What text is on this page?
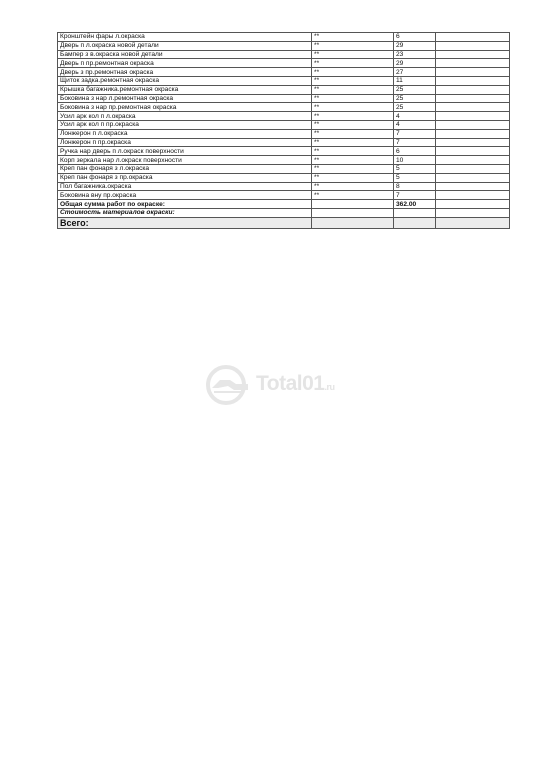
Кронштейн фары л.окраска	**	6	
Дверь п л.окраска новой детали	**	29	
Бампер з в.окраска новой детали	**	23	
Дверь п пр.ремонтная окраска	**	29	
Дверь з пр.ремонтная окраска	**	27	
Щиток задка.ремонтная окраска	**	11	
Крышка багажника.ремонтная окраска	**	25	
Боковина з нар л.ремонтная окраска	**	25	
Боковина з нар пр.ремонтная окраска	**	25	
Усил арк кол п л.окраска	**	4	
Усил арк кол п пр.окраска	**	4	
Лонжерон п л.окраска	**	7	
Лонжерон п пр.окраска	**	7	
Ручка нар дверь п л.окраск поверхности	**	6	
Корп зеркала нар л.окраск поверхности	**	10	
Креп пан фонаря з л.окраска	**	5	
Креп пан фонаря з пр.окраска	**	5	
Пол багажника.окраска	**	8	
Боковина вну пр.окраска	**	7	
Общая сумма работ по окраске:		362.00	
Стоимость материалов окраски:			
Всего:			
Total01.ru
